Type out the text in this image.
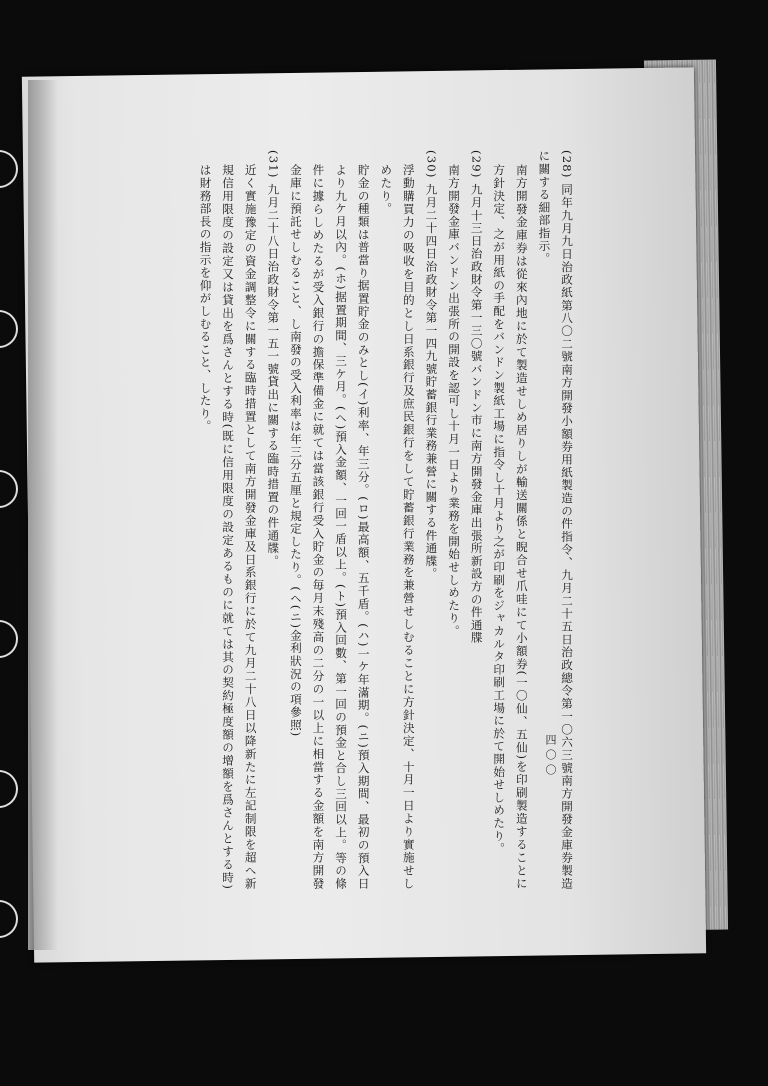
四〇〇 (28) 同年九月九日治政紙第八〇二號南方開發小額券用紙製造の件指令、九月二十五日治政總令第一〇六三號南方開發金庫券製造に關する細部指示。

南方開發金庫券は從來內地に於て製造せしめ居りしが輸送關係と睨合せ爪哇にて小額券(一〇仙、五仙)を印刷製造することに方針決定、之が用紙の手配をバンドン製紙工場に指令し十月より之が印刷をジャカルタ印刷工場に於て開始せしめたり。

(29) 九月十三日治政財令第一三〇號バンドン市に南方開發金庫出張所新設方の件通牒

南方開發金庫バンドン出張所の開設を認可し十月一日より業務を開始せしめたり。

(30) 九月二十四日治政財令第一四九號貯蓄銀行業務兼營に關する件通牒。

浮動購買力の吸收を目的とし日系銀行及庶民銀行をして貯蓄銀行業務を兼營せしむることに方針決定、十月一日より實施せしめたり。

貯金の種類は普當り据置貯金のみとし(イ)利率、年三分。(ロ)最高額、五千盾。(ハ)一ケ年滿期。(ニ)預入期間、最初の預入日より九ケ月以內。(ホ)据置期間、三ケ月。(ヘ)預入金額、一回一盾以上。(ト)預入回數、第一回の預金と合し三回以上。等の條件に據らしめたるが受入銀行の擔保準備金に就ては當該銀行受入貯金の毎月末殘高の二分の一以上に相當する金額を南方開發金庫に預託せしむること、し南發の受入利率は年三分五厘と規定したり。(ヘ(ニ)金利狀況の項參照)

(31) 九月二十八日治政財令第一五一號貸出に關する臨時措置の件通牒。

近く實施豫定の資金調整令に關する臨時措置として南方開發金庫及日系銀行に於て九月二十八日以降新たに左記制限を超へ新規信用限度の設定又は貸出を爲さんとする時(既に信用限度の設定あるものに就ては其の契約極度額の增額を爲さんとする時)は財務部長の指示を仰がしむること、したり。
